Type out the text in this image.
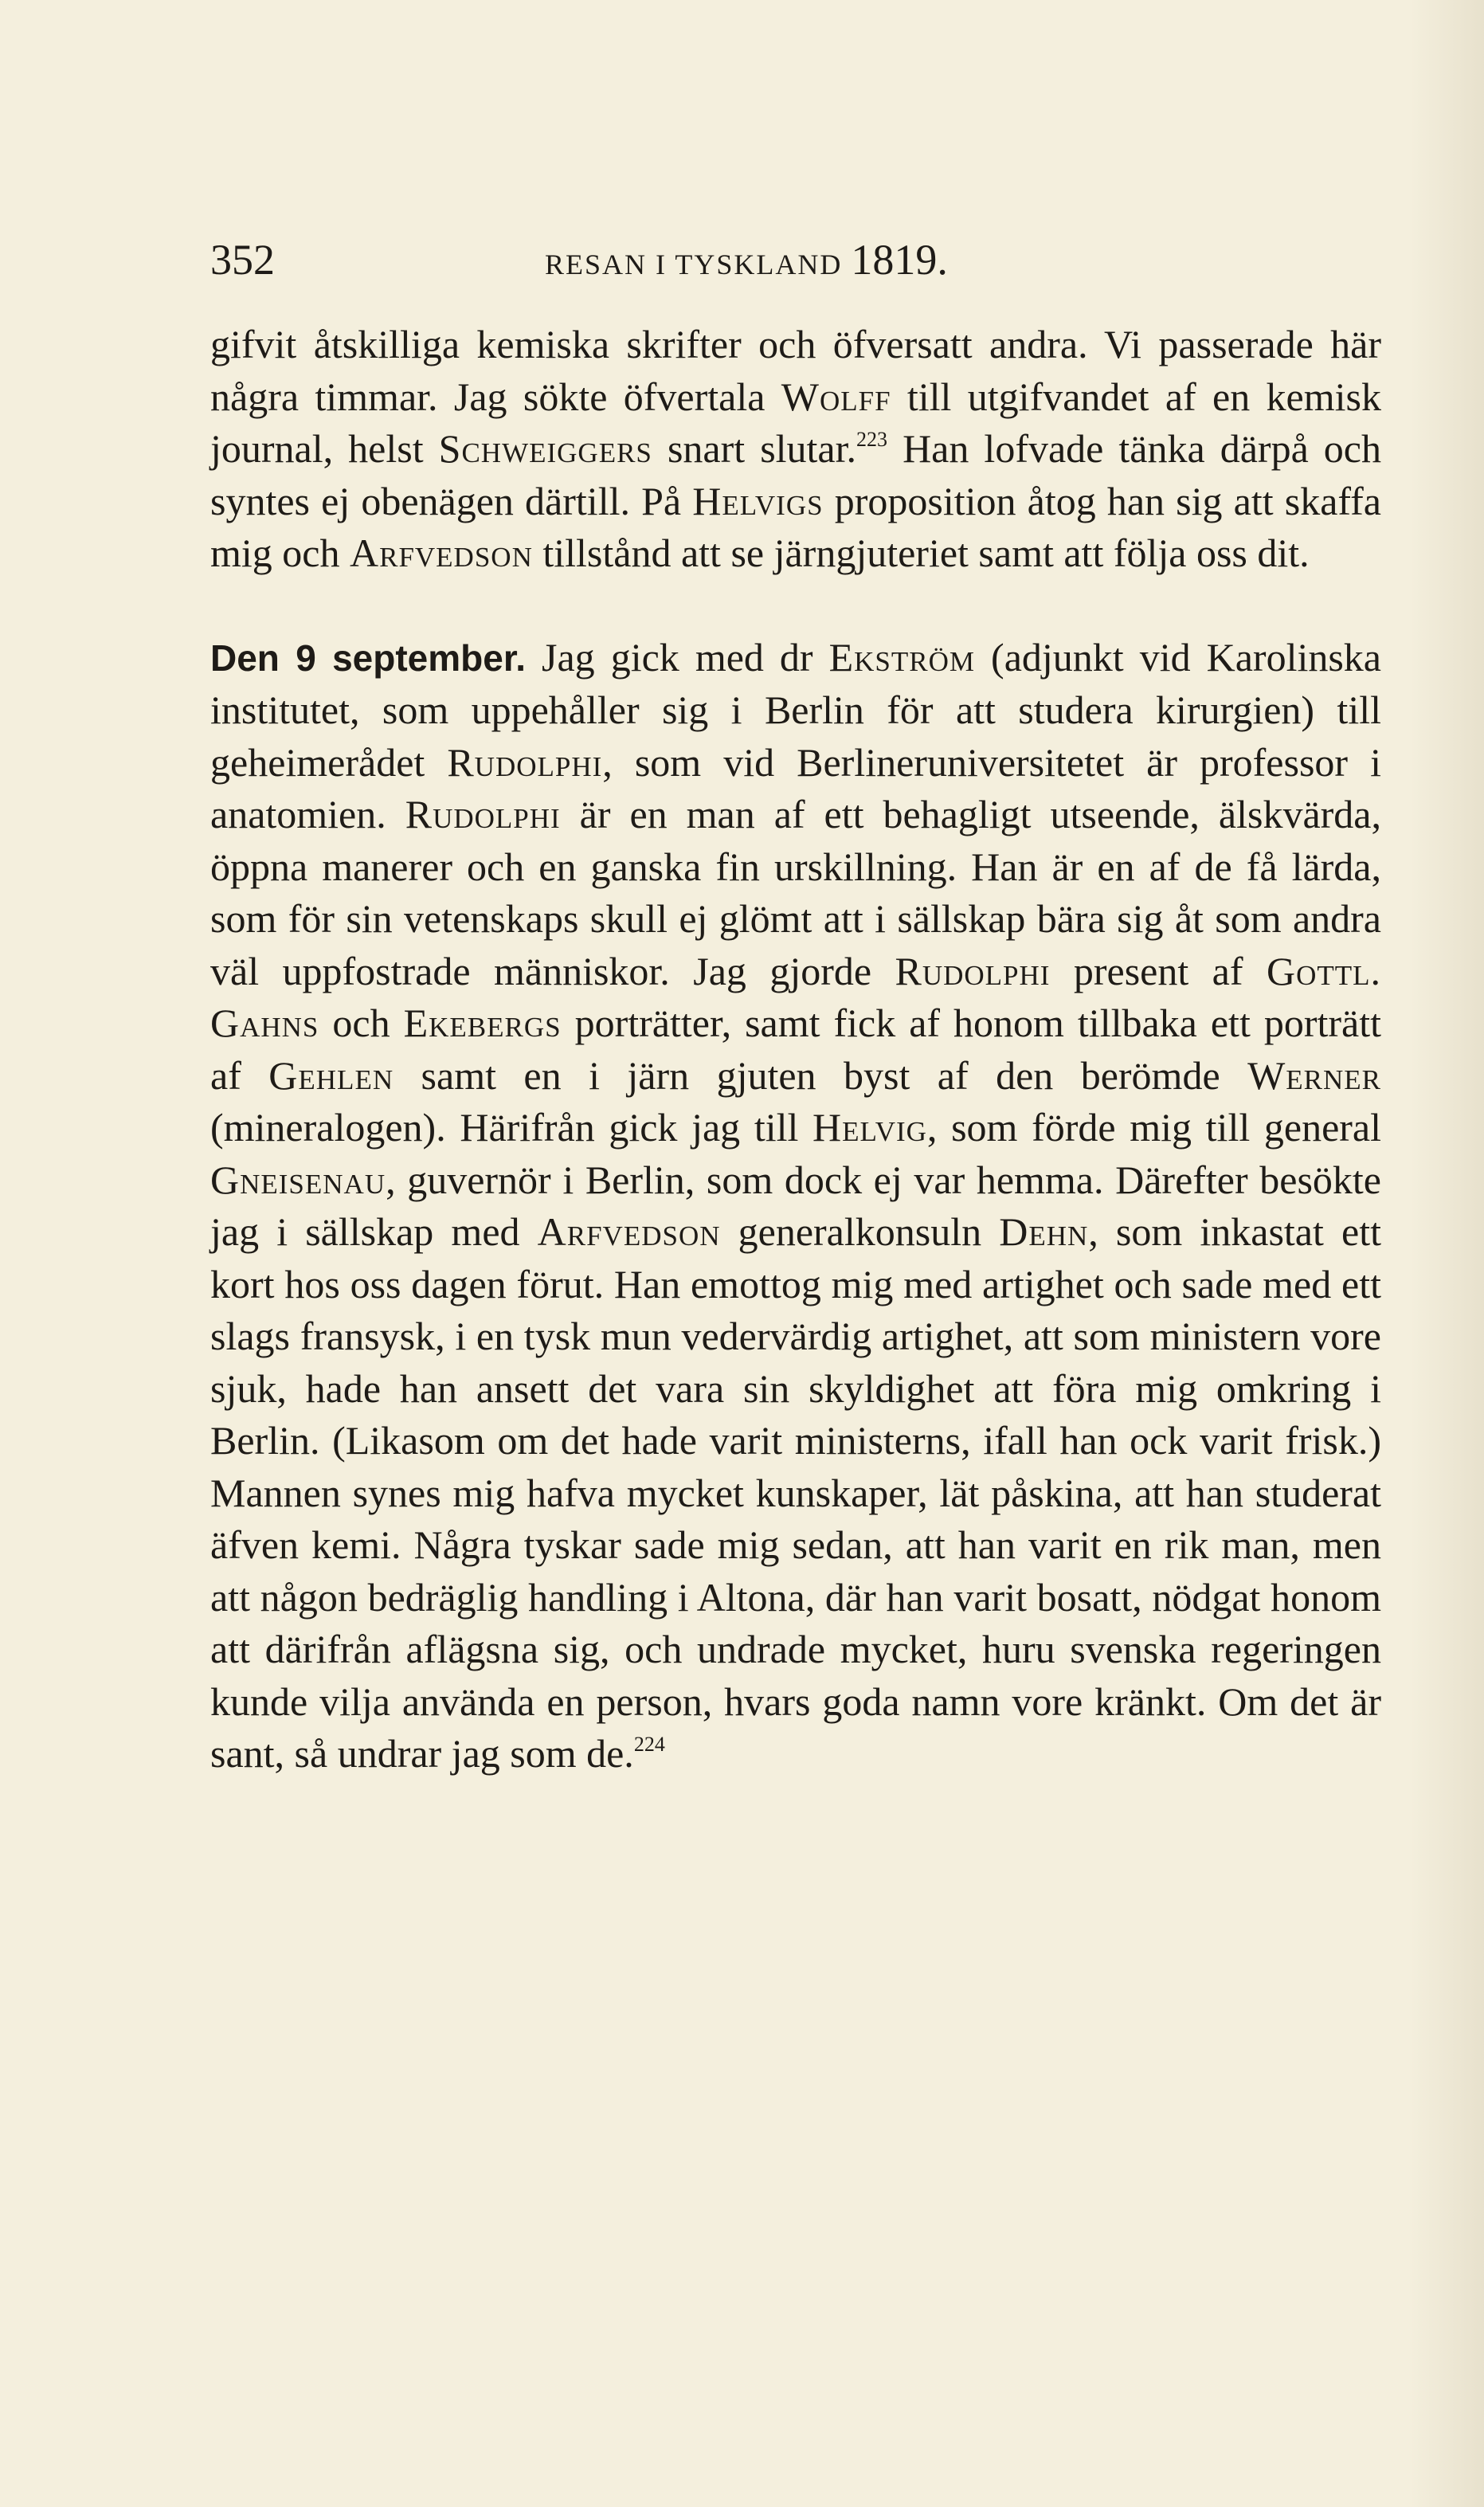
352	RESAN I TYSKLAND 1819.

gifvit åtskilliga kemiska skrifter och öfversatt andra. Vi passerade här några timmar. Jag sökte öfvertala Wolff till utgifvandet af en kemisk journal, helst Schweiggers snart slutar.$^{223}$ Han lofvade tänka därpå och syntes ej obenägen därtill. På Helvigs proposition åtog han sig att skaffa mig och Arfvedson tillstånd att se järngjuteriet samt att följa oss dit.

Den 9 september. Jag gick med dr Ekström (adjunkt vid Karolinska institutet, som uppehåller sig i Berlin för att studera kirurgien) till geheimerådet Rudolphi, som vid Berlineruniversitetet är professor i anatomien. Rudolphi är en man af ett behagligt utseende, älskvärda, öppna manerer och en ganska fin urskillning. Han är en af de få lärda, som för sin vetenskaps skull ej glömt att i sällskap bära sig åt som andra väl uppfostrade människor. Jag gjorde Rudolphi present af Gottl. Gahns och Ekebergs porträtter, samt fick af honom tillbaka ett porträtt af Gehlen samt en i järn gjuten byst af den berömde Werner (mineralogen). Härifrån gick jag till Helvig, som förde mig till general Gneisenau, guvernör i Berlin, som dock ej var hemma. Därefter besökte jag i sällskap med Arfvedson generalkonsuln Dehn, som inkastat ett kort hos oss dagen förut. Han emottog mig med artighet och sade med ett slags fransysk, i en tysk mun vedervärdig artighet, att som ministern vore sjuk, hade han ansett det vara sin skyldighet att föra mig omkring i Berlin. (Likasom om det hade varit ministerns, ifall han ock varit frisk.) Mannen synes mig hafva mycket kunskaper, lät påskina, att han studerat äfven kemi. Några tyskar sade mig sedan, att han varit en rik man, men att någon bedräglig handling i Altona, där han varit bosatt, nödgat honom att därifrån aflägsna sig, och undrade mycket, huru svenska regeringen kunde vilja använda en person, hvars goda namn vore kränkt. Om det är sant, så undrar jag som de.$^{224}$
